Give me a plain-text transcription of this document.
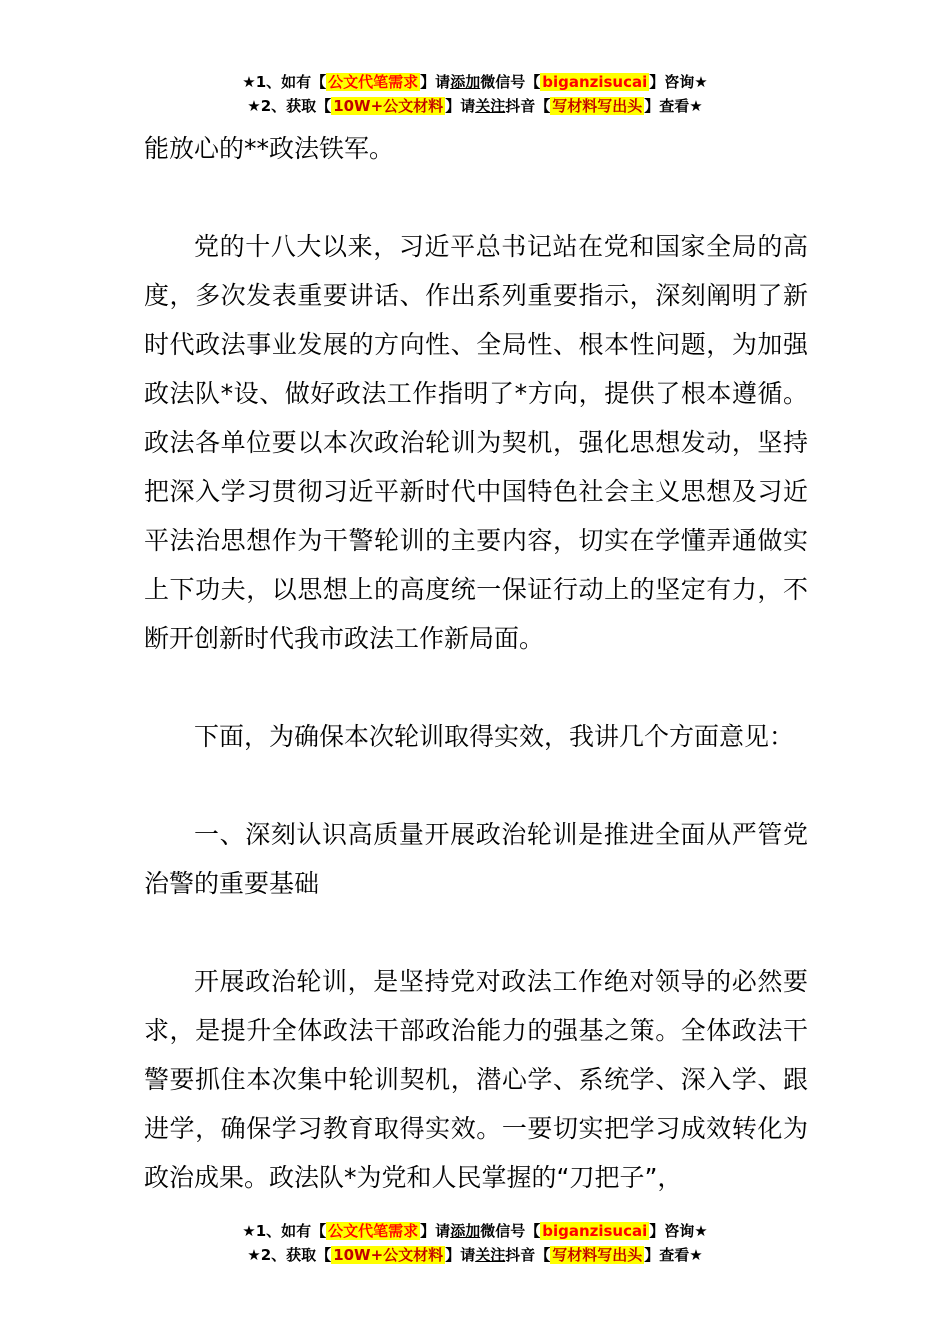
★1、如有【 公文代笔需求 】请添加微信号【 biganzisucai 】咨询★
★2、获取【 10W+公文材料 】请关注抖音【 写材料写出头 】查看★

能放心的**政法铁军。

党的十八大以来，习近平总书记站在党和国家全局的高度，多次发表重要讲话、作出系列重要指示，深刻阐明了新时代政法事业发展的方向性、全局性、根本性问题，为加强政法队*设、做好政法工作指明了*方向，提供了根本遵循。政法各单位要以本次政治轮训为契机，强化思想发动，坚持把深入学习贯彻习近平新时代中国特色社会主义思想及习近平法治思想作为干警轮训的主要内容，切实在学懂弄通做实上下功夫，以思想上的高度统一保证行动上的坚定有力，不断开创新时代我市政法工作新局面。

下面，为确保本次轮训取得实效，我讲几个方面意见：

一、深刻认识高质量开展政治轮训是推进全面从严管党治警的重要基础

开展政治轮训，是坚持党对政法工作绝对领导的必然要求，是提升全体政法干部政治能力的强基之策。全体政法干警要抓住本次集中轮训契机，潜心学、系统学、深入学、跟进学，确保学习教育取得实效。一要切实把学习成效转化为政治成果。政法队*为党和人民掌握的“刀把子”，

★1、如有【 公文代笔需求 】请添加微信号【 biganzisucai 】咨询★
★2、获取【 10W+公文材料 】请关注抖音【 写材料写出头 】查看★
